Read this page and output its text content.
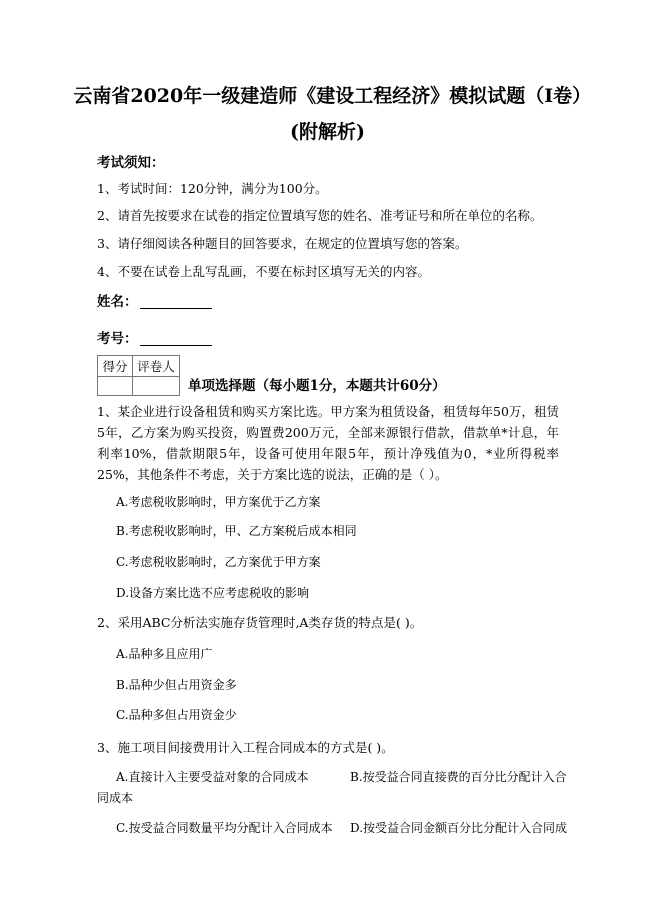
云南省2020年一级建造师《建设工程经济》模拟试题（I卷）(附解析)
考试须知：
1、考试时间：120分钟，满分为100分。
2、请首先按要求在试卷的指定位置填写您的姓名、准考证号和所在单位的名称。
3、请仔细阅读各种题目的回答要求，在规定的位置填写您的答案。
4、不要在试卷上乱写乱画，不要在标封区填写无关的内容。
姓名：
考号：
得分	评卷人

单项选择题（每小题1分，本题共计60分）
1、某企业进行设备租赁和购买方案比选。甲方案为租赁设备，租赁每年50万，租赁5年，乙方案为购买投资，购置费200万元，全部来源银行借款，借款单*计息，年利率10%，借款期限5年，设备可使用年限5年，预计净残值为0，*业所得税率25%，其他条件不考虑，关于方案比选的说法，正确的是（ ）。
A.考虑税收影响时，甲方案优于乙方案
B.考虑税收影响时，甲、乙方案税后成本相同
C.考虑税收影响时，乙方案优于甲方案
D.设备方案比选不应考虑税收的影响
2、采用ABC分析法实施存货管理时,A类存货的特点是( )。
A.品种多且应用广
B.品种少但占用资金多
C.品种多但占用资金少
3、施工项目间接费用计入工程合同成本的方式是( )。
A.直接计入主要受益对象的合同成本	B.按受益合同直接费的百分比分配计入合
同成本
C.按受益合同数量平均分配计入合同成本 D.按受益合同金额百分比分配计入合同成
